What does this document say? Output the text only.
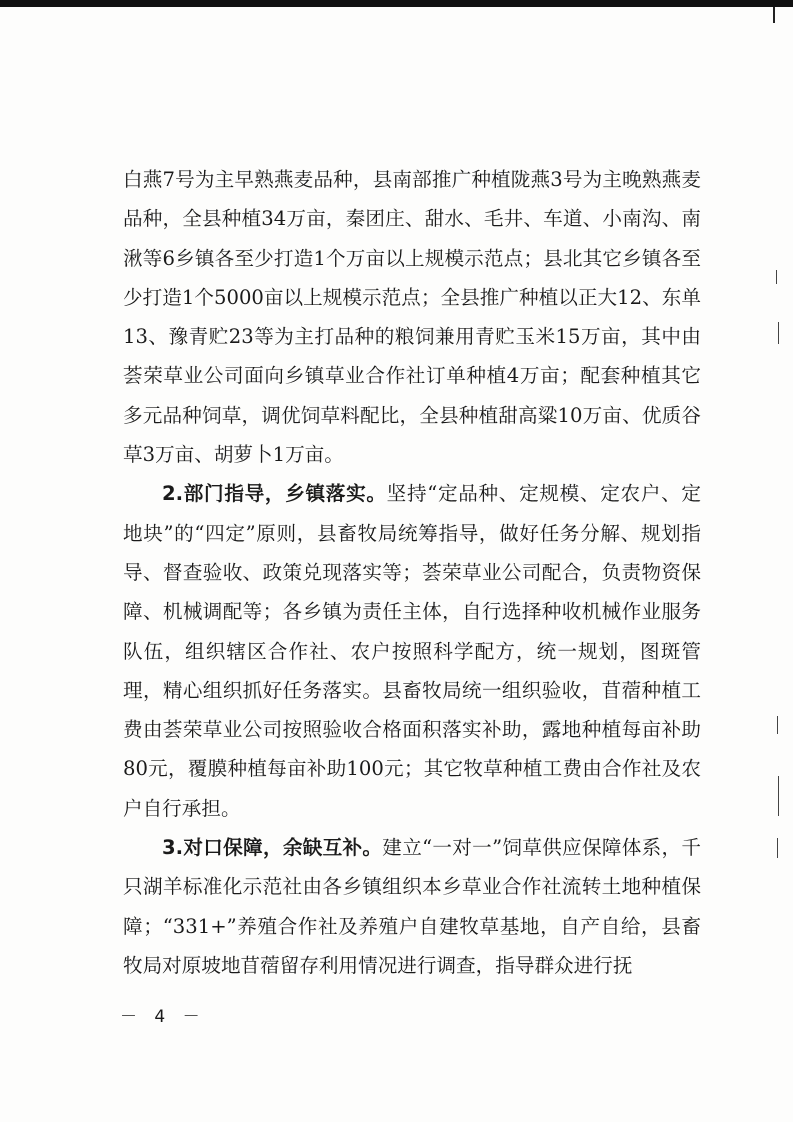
白燕7号为主早熟燕麦品种，县南部推广种植陇燕3号为主晚熟燕麦品种，全县种植34万亩，秦团庄、甜水、毛井、车道、小南沟、南湫等6乡镇各至少打造1个万亩以上规模示范点；县北其它乡镇各至少打造1个5000亩以上规模示范点；全县推广种植以正大12、东单13、豫青贮23等为主打品种的粮饲兼用青贮玉米15万亩，其中由荟荣草业公司面向乡镇草业合作社订单种植4万亩；配套种植其它多元品种饲草，调优饲草料配比，全县种植甜高粱10万亩、优质谷草3万亩、胡萝卜1万亩。

2.部门指导，乡镇落实。坚持“定品种、定规模、定农户、定地块”的“四定”原则，县畜牧局统筹指导，做好任务分解、规划指导、督查验收、政策兑现落实等；荟荣草业公司配合，负责物资保障、机械调配等；各乡镇为责任主体，自行选择种收机械作业服务队伍，组织辖区合作社、农户按照科学配方，统一规划，图斑管理，精心组织抓好任务落实。县畜牧局统一组织验收，苜蓿种植工费由荟荣草业公司按照验收合格面积落实补助，露地种植每亩补助80元，覆膜种植每亩补助100元；其它牧草种植工费由合作社及农户自行承担。

3.对口保障，余缺互补。建立“一对一”饲草供应保障体系，千只湖羊标准化示范社由各乡镇组织本乡草业合作社流转土地种植保障；“331+”养殖合作社及养殖户自建牧草基地，自产自给，县畜牧局对原坡地苜蓿留存利用情况进行调查，指导群众进行抚

－ 4 －
